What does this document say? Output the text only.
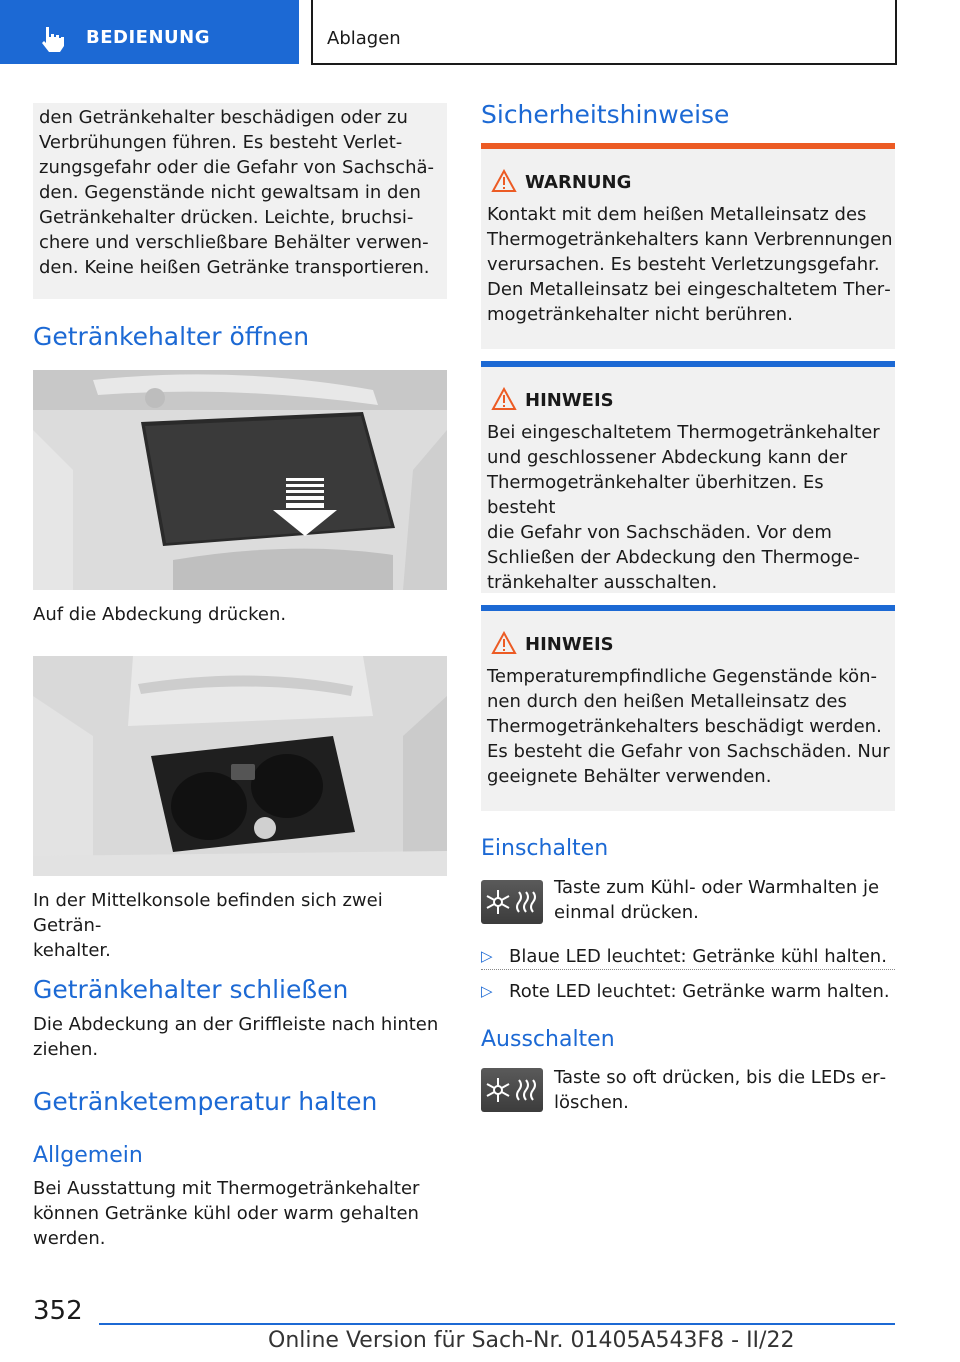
BEDIENUNG	Ablagen

den Getränkehalter beschädigen oder zu

Verbrühungen führen. Es besteht Verlet‐

zungsgefahr oder die Gefahr von Sachschä‐

den. Gegenstände nicht gewaltsam in den

Getränkehalter drücken. Leichte, bruchsi‐

chere und verschließbare Behälter verwen‐

den. Keine heißen Getränke transportieren.

Getränkehalter öffnen

Auf die Abdeckung drücken.

In der Mittelkonsole befinden sich zwei Geträn‐

kehalter.

Getränkehalter schließen

Die Abdeckung an der Griffleiste nach hinten

ziehen.

Getränketemperatur halten
Allgemein

Bei Ausstattung mit Thermogetränkehalter

können Getränke kühl oder warm gehalten

werden.

Sicherheitshinweise
WARNUNG

Kontakt mit dem heißen Metalleinsatz des

Thermogetränkehalters kann Verbrennungen

verursachen. Es besteht Verletzungsgefahr.

Den Metalleinsatz bei eingeschaltetem Ther‐

mogetränkehalter nicht berühren.

HINWEIS

Bei eingeschaltetem Thermogetränkehalter

und geschlossener Abdeckung kann der

Thermogetränkehalter überhitzen. Es besteht

die Gefahr von Sachschäden. Vor dem

Schließen der Abdeckung den Thermoge‐

tränkehalter ausschalten.

HINWEIS

Temperaturempfindliche Gegenstände kön‐

nen durch den heißen Metalleinsatz des

Thermogetränkehalters beschädigt werden.

Es besteht die Gefahr von Sachschäden. Nur

geeignete Behälter verwenden.

Einschalten

Taste zum Kühl- oder Warmhalten je

einmal drücken.

▷ Blaue LED leuchtet: Getränke kühl halten.

▷ Rote LED leuchtet: Getränke warm halten.

Ausschalten

Taste so oft drücken, bis die LEDs er‐

löschen.

352
Online Version für Sach-Nr. 01405A543F8 - II/22
